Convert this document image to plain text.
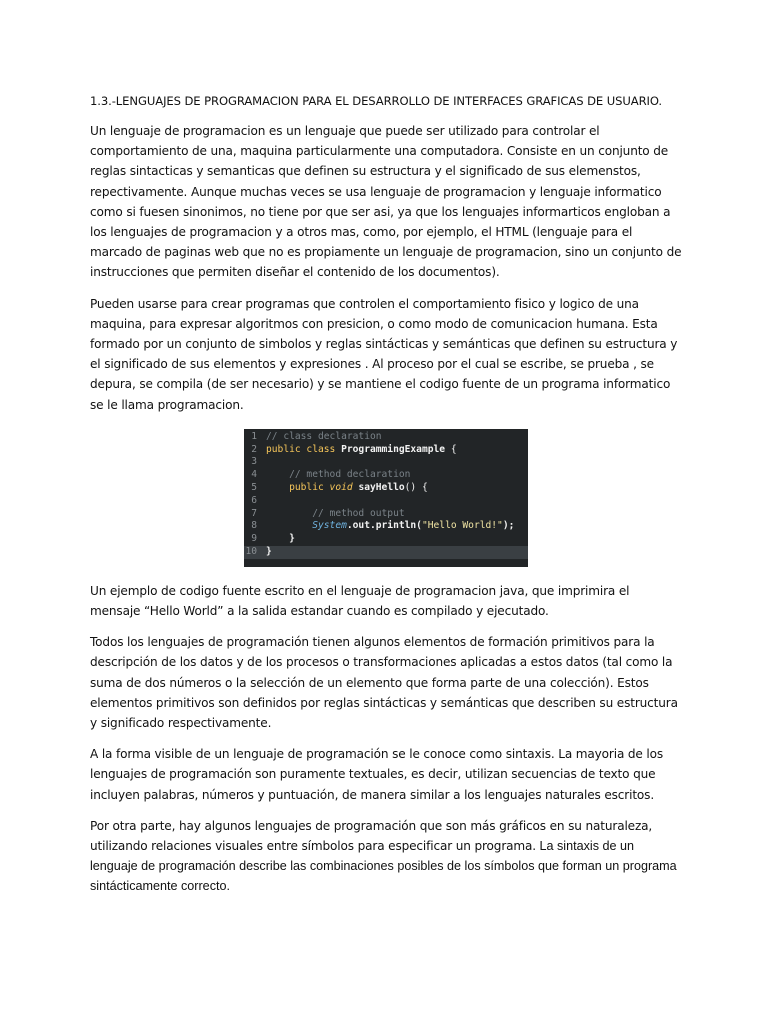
1.3.-LENGUAJES DE PROGRAMACION PARA EL DESARROLLO DE INTERFACES GRAFICAS DE USUARIO.

Un lenguaje de programacion es un lenguaje que puede ser utilizado para controlar el comportamiento de una, maquina particularmente una computadora. Consiste en un conjunto de reglas sintacticas y semanticas que definen su estructura y el significado de sus elemenstos, repectivamente. Aunque muchas veces se usa lenguaje de programacion y lenguaje informatico como si fuesen sinonimos, no tiene por que ser asi, ya que los lenguajes informarticos engloban a los lenguajes de programacion y a otros mas, como, por ejemplo, el HTML (lenguaje para el marcado de paginas web que no es propiamente un lenguaje de programacion, sino un conjunto de instrucciones que permiten diseñar el contenido de los documentos).

Pueden usarse para crear programas que controlen el comportamiento fisico y logico de una maquina, para expresar algoritmos con presicion, o como modo de comunicacion humana. Esta formado por un conjunto de simbolos y reglas sintácticas y semánticas que definen su estructura y el significado de sus elementos y expresiones . Al proceso por el cual se escribe, se prueba , se depura, se compila (de ser necesario) y se mantiene el codigo fuente de un programa informatico se le llama programacion.

1 // class declaration
2 public class ProgrammingExample {
3
4
	// method declaration
5
	public void sayHello () {
6
7
	// method output
8
	System .out.println( "Hello World!" );
9
	}
10 }

Un ejemplo de codigo fuente escrito en el lenguaje de programacion java, que imprimira el mensaje “Hello World” a la salida estandar cuando es compilado y ejecutado.

Todos los lenguajes de programación tienen algunos elementos de formación primitivos para la descripción de los datos y de los procesos o transformaciones aplicadas a estos datos (tal como la suma de dos números o la selección de un elemento que forma parte de una colección). Estos elementos primitivos son definidos por reglas sintácticas y semánticas que describen su estructura y significado respectivamente.

A la forma visible de un lenguaje de programación se le conoce como sintaxis. La mayoria de los lenguajes de programación son puramente textuales, es decir, utilizan secuencias de texto que incluyen palabras, números y puntuación, de manera similar a los lenguajes naturales escritos.

Por otra parte, hay algunos lenguajes de programación que son más gráficos en su naturaleza, utilizando relaciones visuales entre símbolos para especificar un programa. La sintaxis de un lenguaje de programación describe las combinaciones posibles de los símbolos que forman un programa sintácticamente correcto.
